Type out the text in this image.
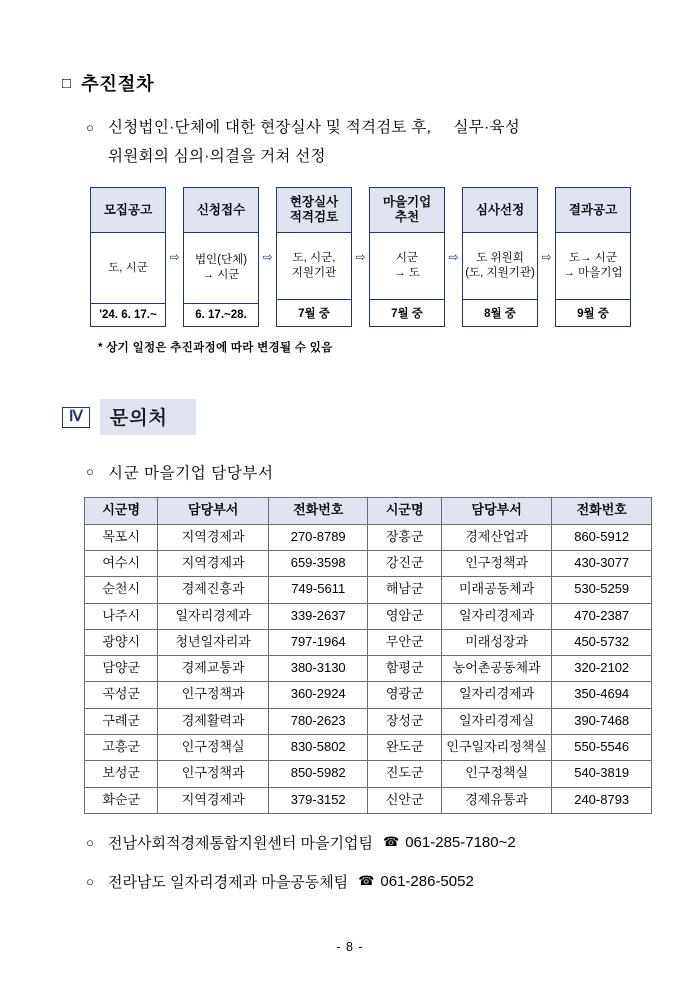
□ 추진절차
○ 신청법인·단체에 대한 현장실사 및 적격검토 후, 실무·육성
위원회의 심의·의결을 거쳐 선정
모집공고
도, 시군
'24. 6. 17.~
⇨
신청접수
법인(단체)
→ 시군
6. 17.~28.
⇨
현장실사
적격검토
도, 시군,
지원기관
7월 중
⇨
마을기업
추천
시군
→ 도
7월 중
⇨
심사선정
도 위원회
(도, 지원기관)
8월 중
⇨
결과공고
도→ 시군
→ 마을기업
9월 중
* 상기 일정은 추진과정에 따라 변경될 수 있음
Ⅳ	문의처
○ 시군 마을기업 담당부서
시군명	담당부서	전화번호	시군명	담당부서	전화번호
목포시	지역경제과	270-8789	장흥군	경제산업과	860-5912
여수시	지역경제과	659-3598	강진군	인구정책과	430-3077
순천시	경제진흥과	749-5611	해남군	미래공동체과	530-5259
나주시	일자리경제과	339-2637	영암군	일자리경제과	470-2387
광양시	청년일자리과	797-1964	무안군	미래성장과	450-5732
담양군	경제교통과	380-3130	함평군	농어촌공동체과	320-2102
곡성군	인구정책과	360-2924	영광군	일자리경제과	350-4694
구례군	경제활력과	780-2623	장성군	일자리경제실	390-7468
고흥군	인구정책실	830-5802	완도군	인구일자리정책실	550-5546
보성군	인구정책과	850-5982	진도군	인구정책실	540-3819
화순군	지역경제과	379-3152	신안군	경제유통과	240-8793
○ 전남사회적경제통합지원센터 마을기업팀 ☎ 061-285-7180~2
○ 전라남도 일자리경제과 마을공동체팀 ☎ 061-286-5052
- 8 -
